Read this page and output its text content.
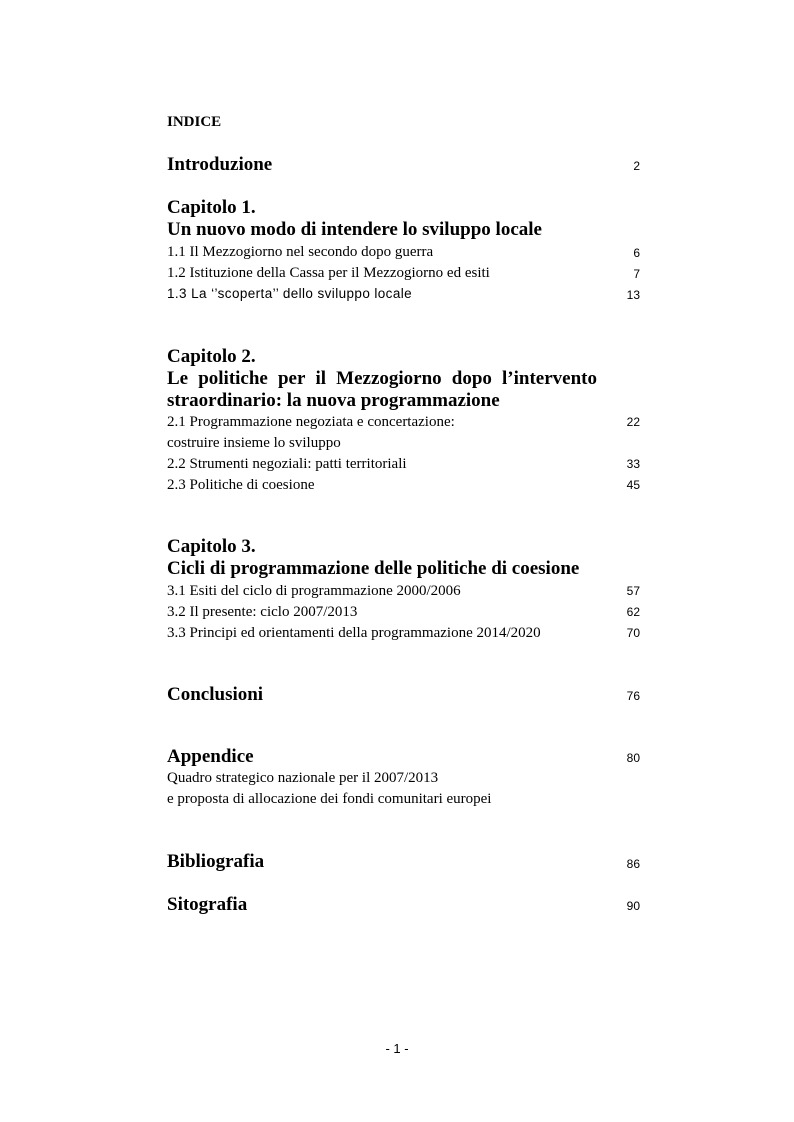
INDICE
Introduzione	2
Capitolo 1.
Un nuovo modo di intendere lo sviluppo locale
1.1 Il Mezzogiorno nel secondo dopo guerra	6
1.2 Istituzione della Cassa per il Mezzogiorno ed esiti	7
1.3 La ‘’scoperta’’ dello sviluppo locale	13
Capitolo 2.
Le politiche per il Mezzogiorno dopo l’intervento
straordinario: la nuova programmazione
2.1 Programmazione negoziata e concertazione:	22
costruire insieme lo sviluppo
2.2 Strumenti negoziali: patti territoriali	33
2.3 Politiche di coesione	45
Capitolo 3.
Cicli di programmazione delle politiche di coesione
3.1 Esiti del ciclo di programmazione 2000/2006	57
3.2 Il presente: ciclo 2007/2013	62
3.3 Principi ed orientamenti della programmazione 2014/2020	70
Conclusioni	76
Appendice	80
Quadro strategico nazionale per il 2007/2013
e proposta di allocazione dei fondi comunitari europei
Bibliografia	86
Sitografia	90
- 1 -
